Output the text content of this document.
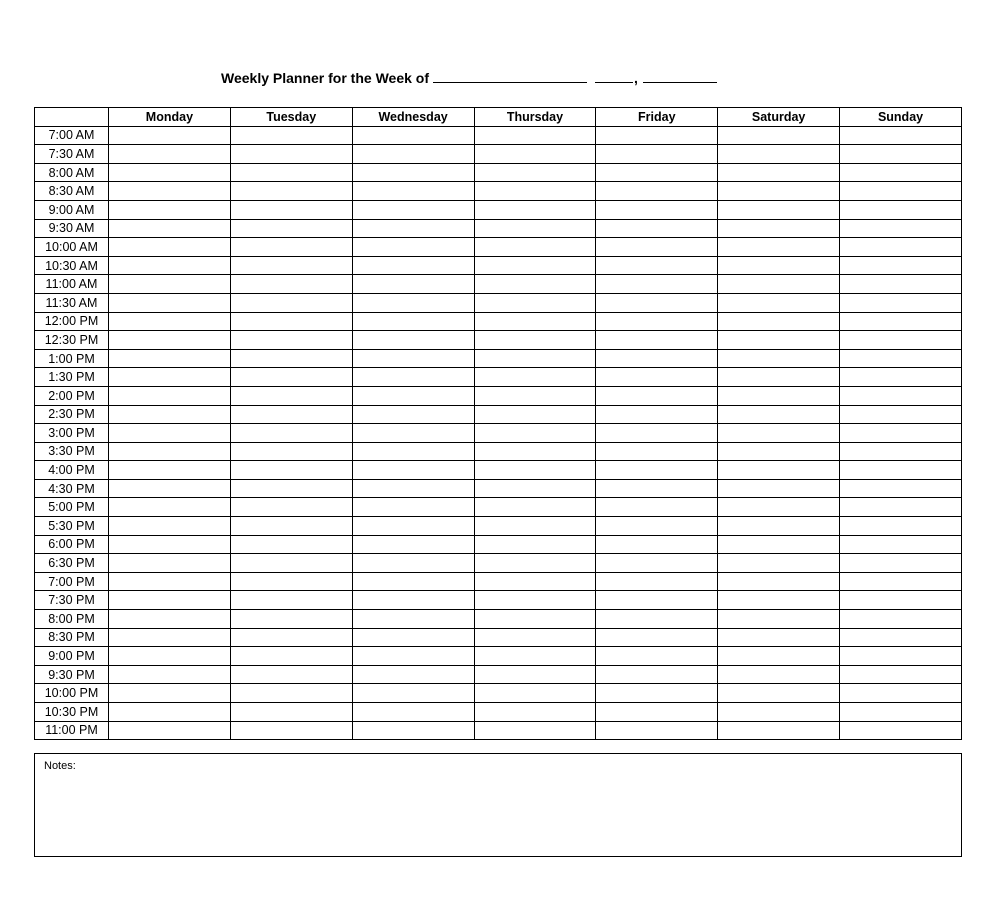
Weekly Planner for the Week of	,
	Monday	Tuesday	Wednesday	Thursday	Friday	Saturday	Sunday
7:00 AM							
7:30 AM							
8:00 AM							
8:30 AM							
9:00 AM							
9:30 AM							
10:00 AM							
10:30 AM							
11:00 AM							
11:30 AM							
12:00 PM							
12:30 PM							
1:00 PM							
1:30 PM							
2:00 PM							
2:30 PM							
3:00 PM							
3:30 PM							
4:00 PM							
4:30 PM							
5:00 PM							
5:30 PM							
6:00 PM							
6:30 PM							
7:00 PM							
7:30 PM							
8:00 PM							
8:30 PM							
9:00 PM							
9:30 PM							
10:00 PM							
10:30 PM							
11:00 PM							
Notes:
